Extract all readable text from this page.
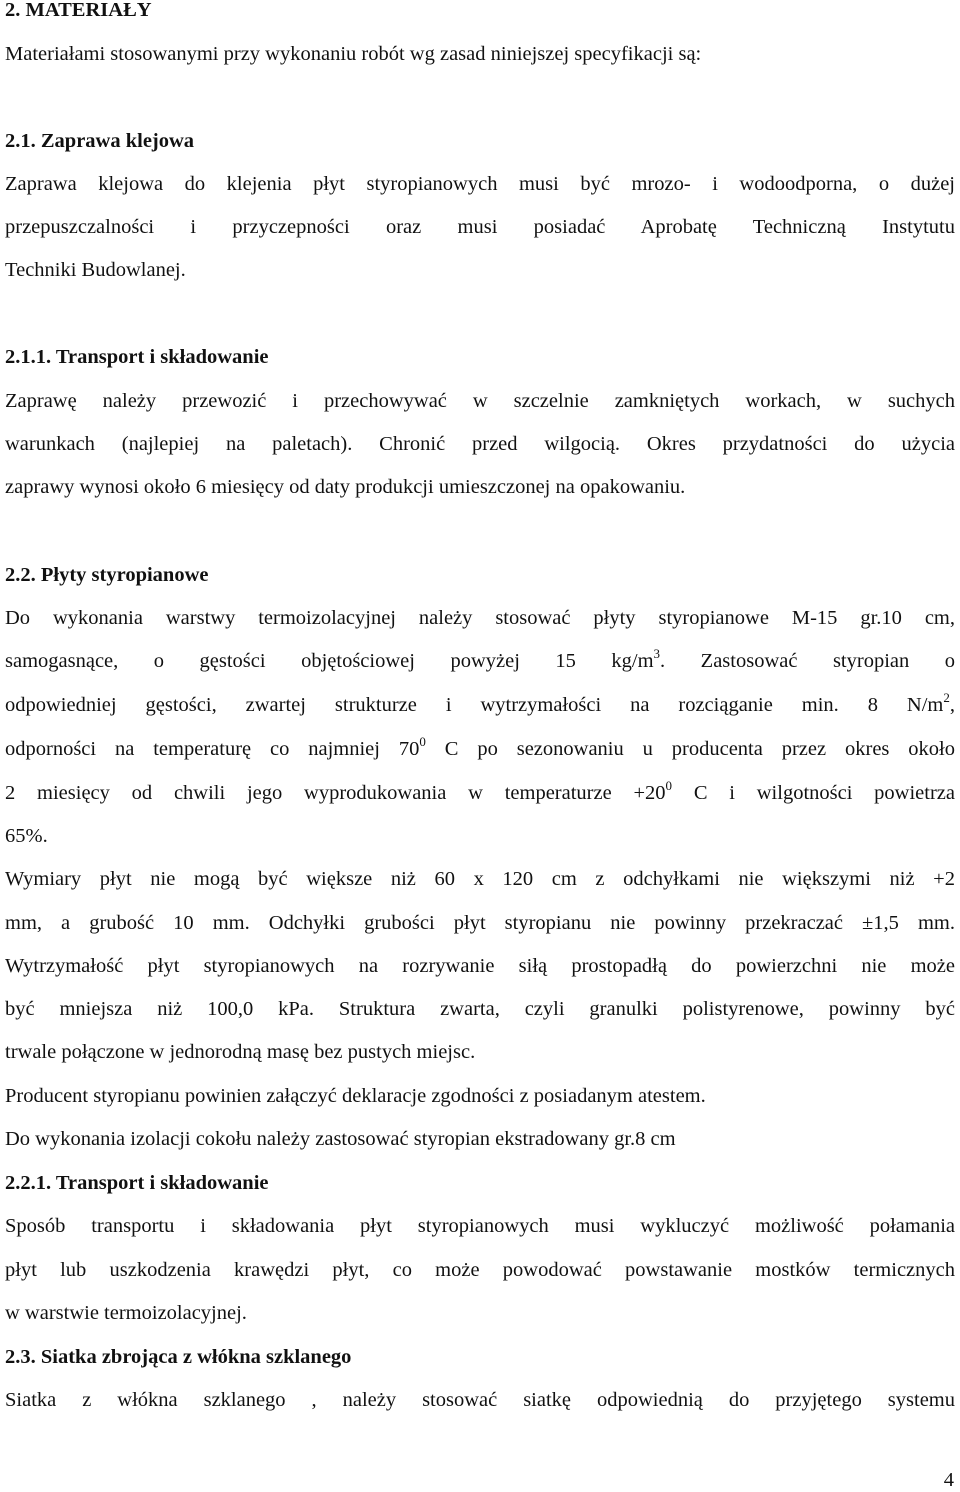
2. MATERIAŁY
Materiałami stosowanymi przy wykonaniu robót wg zasad niniejszej specyfikacji są:
2.1. Zaprawa klejowa
Zaprawa klejowa do klejenia płyt styropianowych musi być mrozo- i wodoodporna, o dużej
przepuszczalności i przyczepności oraz musi posiadać Aprobatę Techniczną Instytutu
Techniki Budowlanej.
2.1.1. Transport i składowanie
Zaprawę należy przewozić i przechowywać w szczelnie zamkniętych workach, w suchych
warunkach (najlepiej na paletach). Chronić przed wilgocią. Okres przydatności do użycia
zaprawy wynosi około 6 miesięcy od daty produkcji umieszczonej na opakowaniu.
2.2. Płyty styropianowe
Do wykonania warstwy termoizolacyjnej należy stosować płyty styropianowe M-15 gr.10 cm,
samogasnące, o gęstości objętościowej powyżej 15 $kg/m^3$. Zastosować styropian o
odpowiedniej gęstości, zwartej strukturze i wytrzymałości na rozciąganie min. 8 $N/m^2$,
odporności na temperaturę co najmniej $70^0$ C po sezonowaniu u producenta przez okres około
2 miesięcy od chwili jego wyprodukowania w temperaturze $+20^0$ C i wilgotności powietrza
65%.
Wymiary płyt nie mogą być większe niż 60 x 120 cm z odchyłkami nie większymi niż +2
mm, a grubość 10 mm. Odchyłki grubości płyt styropianu nie powinny przekraczać ±1,5 mm.
Wytrzymałość płyt styropianowych na rozrywanie siłą prostopadłą do powierzchni nie może
być mniejsza niż 100,0 kPa. Struktura zwarta, czyli granulki polistyrenowe, powinny być
trwale połączone w jednorodną masę bez pustych miejsc.
Producent styropianu powinien załączyć deklaracje zgodności z posiadanym atestem.
Do wykonania izolacji cokołu należy zastosować styropian ekstradowany gr.8 cm
2.2.1. Transport i składowanie
Sposób transportu i składowania płyt styropianowych musi wykluczyć możliwość połamania
płyt lub uszkodzenia krawędzi płyt, co może powodować powstawanie mostków termicznych
w warstwie termoizolacyjnej.
2.3. Siatka zbrojąca z włókna szklanego
Siatka z włókna szklanego , należy stosować siatkę odpowiednią do przyjętego systemu
4
